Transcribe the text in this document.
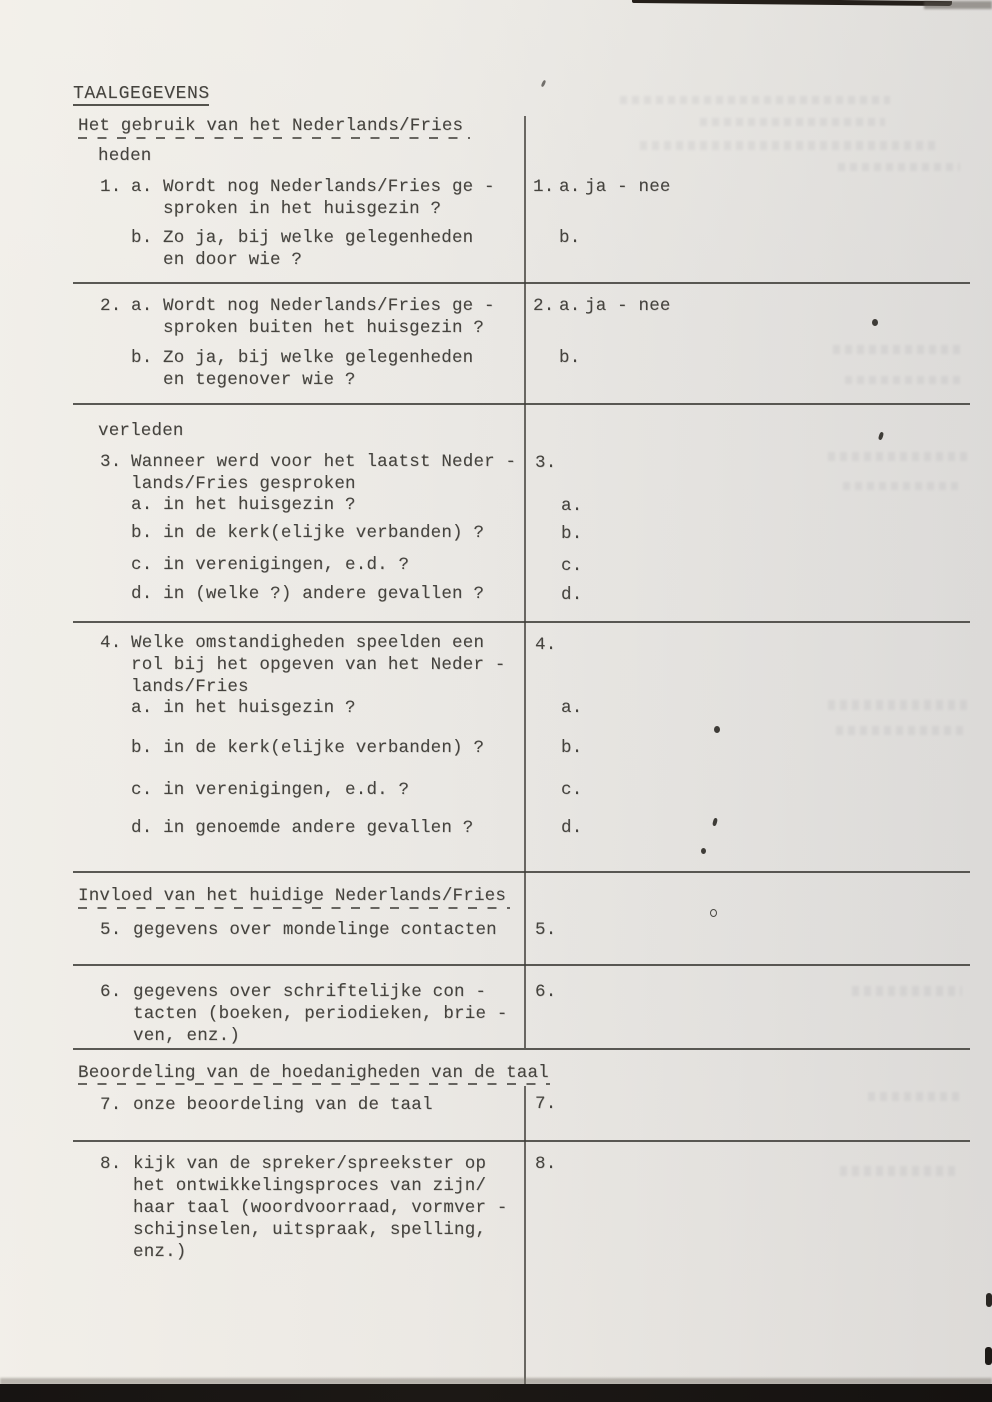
TAALGEGEVENS
Het gebruik van het Nederlands/Fries
heden
1. a. Wordt nog Nederlands/Fries ge -
sproken in het huisgezin ?
b. Zo ja, bij welke gelegenheden
en door wie ?
1. a. ja - nee
b.
2. a. Wordt nog Nederlands/Fries ge -
sproken buiten het huisgezin ?
b. Zo ja, bij welke gelegenheden
en tegenover wie ?
2. a. ja - nee
b.
verleden
3. Wanneer werd voor het laatst Neder -
lands/Fries gesproken
a. in het huisgezin ?
b. in de kerk(elijke verbanden) ?
c. in verenigingen, e.d. ?
d. in (welke ?) andere gevallen ?
3.
a.
b.
c.
d.
4. Welke omstandigheden speelden een
rol bij het opgeven van het Neder -
lands/Fries
a. in het huisgezin ?
b. in de kerk(elijke verbanden) ?
c. in verenigingen, e.d. ?
d. in genoemde andere gevallen ?
4.
a.
b.
c.
d.
Invloed van het huidige Nederlands/Fries
5. gegevens over mondelinge contacten 5.
6. gegevens over schriftelijke con -
tacten (boeken, periodieken, brie -
ven, enz.)
6.
Beoordeling van de hoedanigheden van de taal
7. onze beoordeling van de taal	7.
8. kijk van de spreker/spreekster op
het ontwikkelingsproces van zijn/
haar taal (woordvoorraad, vormver -
schijnselen, uitspraak, spelling,
enz.)
8.
